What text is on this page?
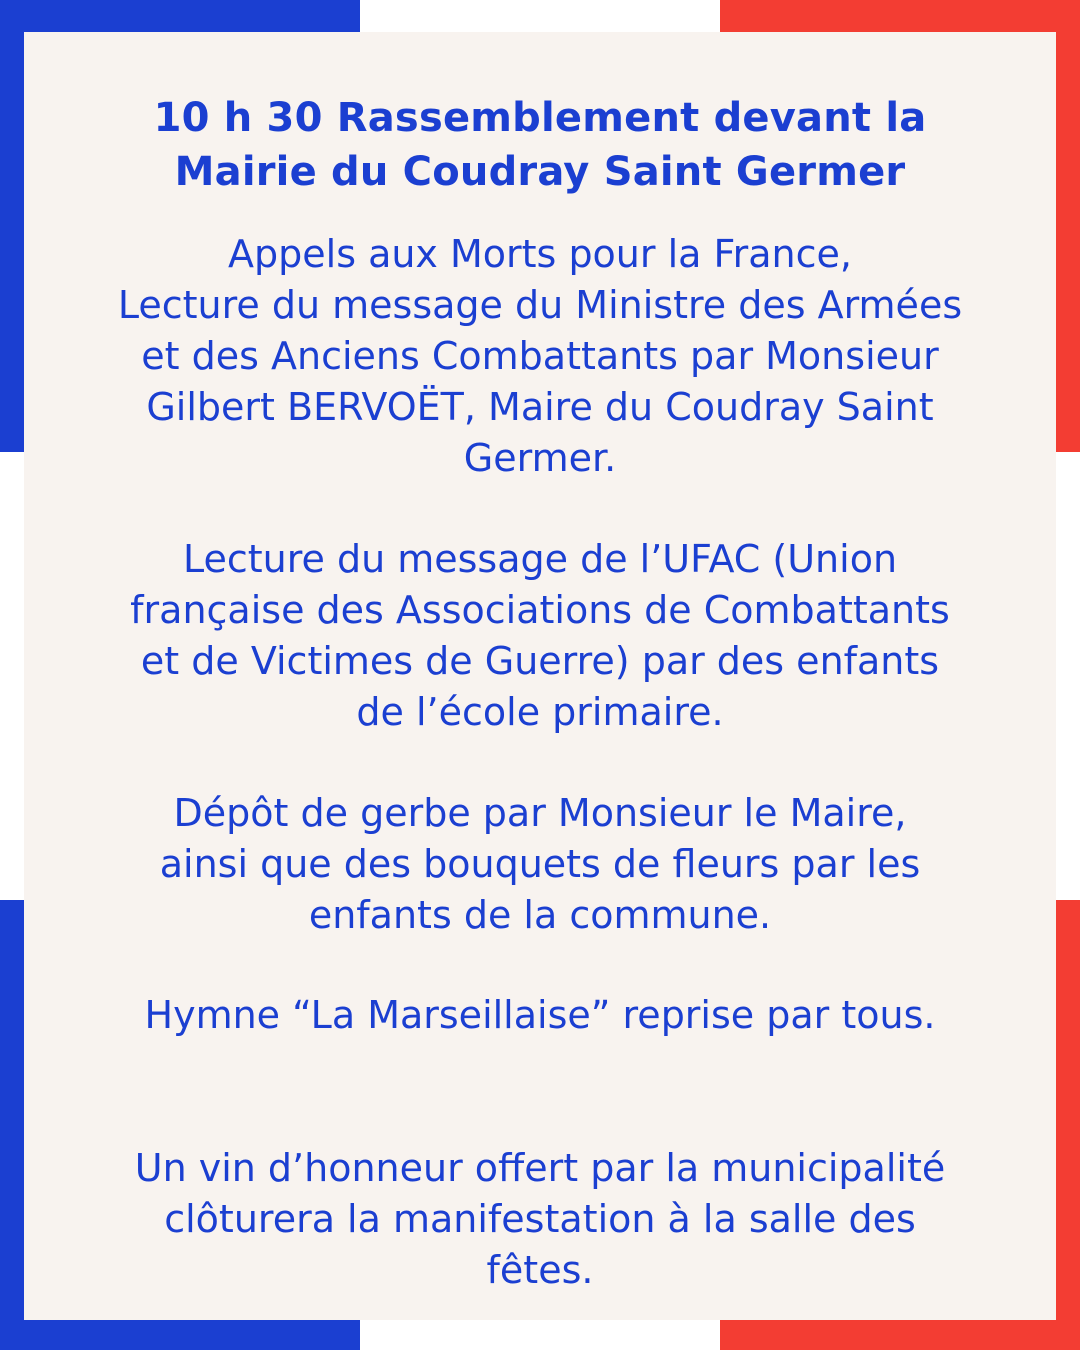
10 h 30 Rassemblement devant la
Mairie du Coudray Saint Germer
Appels aux Morts pour la France,
Lecture du message du Ministre des Armées
et des Anciens Combattants par Monsieur
Gilbert BERVOËT, Maire du Coudray Saint
Germer.
Lecture du message de l’UFAC (Union
française des Associations de Combattants
et de Victimes de Guerre) par des enfants
de l’école primaire.
Dépôt de gerbe par Monsieur le Maire,
ainsi que des bouquets de fleurs par les
enfants de la commune.
Hymne “La Marseillaise” reprise par tous.
Un vin d’honneur offert par la municipalité
clôturera la manifestation à la salle des
fêtes.
